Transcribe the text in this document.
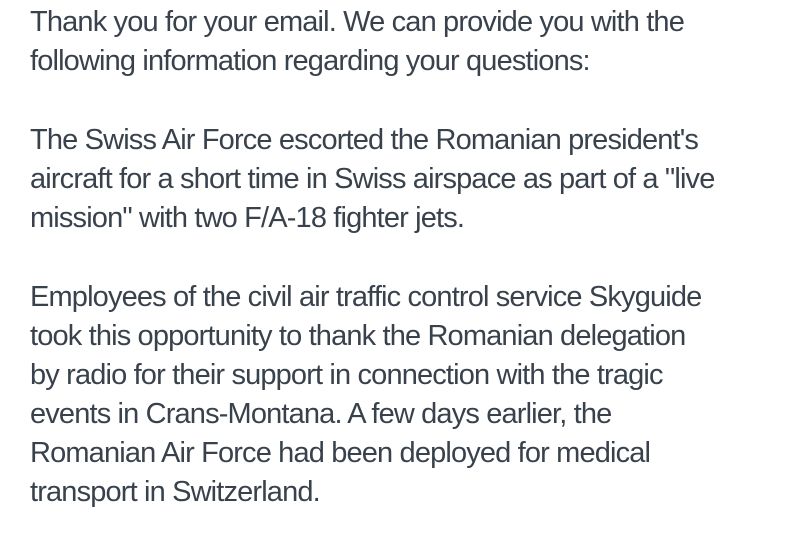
Thank you for your email. We can provide you with the
following information regarding your questions:

The Swiss Air Force escorted the Romanian president's
aircraft for a short time in Swiss airspace as part of a "live
mission" with two F/A-18 fighter jets.

Employees of the civil air traffic control service Skyguide
took this opportunity to thank the Romanian delegation
by radio for their support in connection with the tragic
events in Crans-Montana. A few days earlier, the
Romanian Air Force had been deployed for medical
transport in Switzerland.
